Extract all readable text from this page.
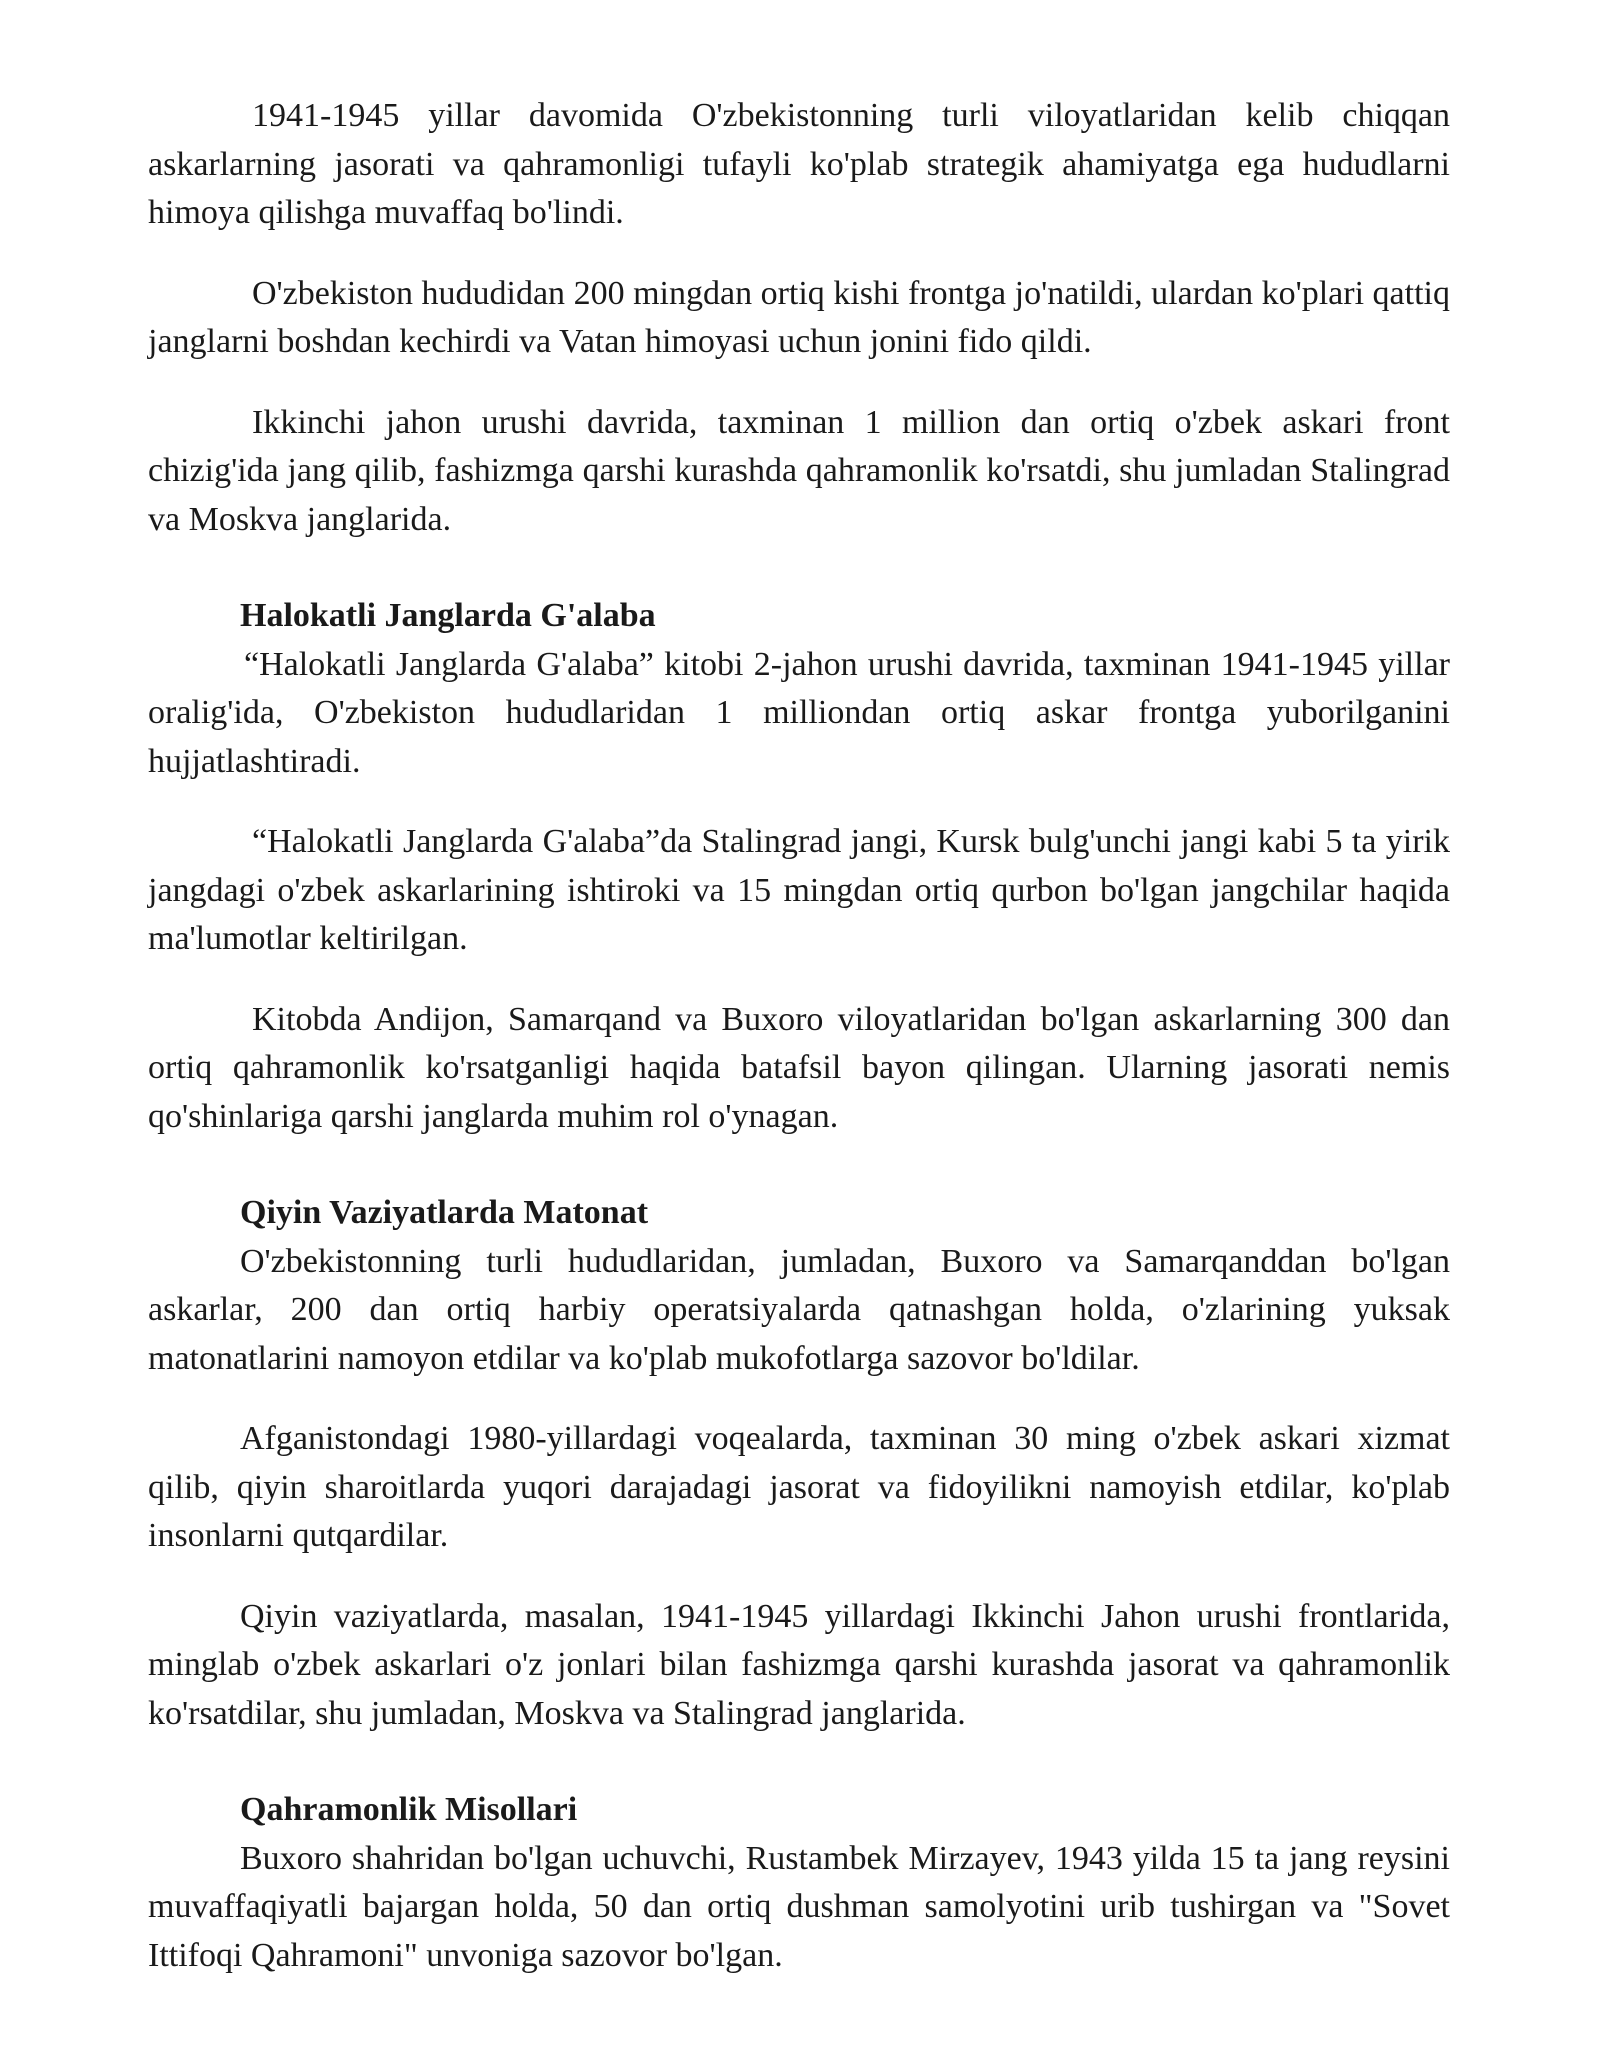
1941-1945 yillar davomida O'zbekistonning turli viloyatlaridan kelib chiqqan askarlarning jasorati va qahramonligi tufayli ko'plab strategik ahamiyatga ega hududlarni himoya qilishga muvaffaq bo'lindi.

O'zbekiston hududidan 200 mingdan ortiq kishi frontga jo'natildi, ulardan ko'plari qattiq janglarni boshdan kechirdi va Vatan himoyasi uchun jonini fido qildi.

Ikkinchi jahon urushi davrida, taxminan 1 million dan ortiq o'zbek askari front chizig'ida jang qilib, fashizmga qarshi kurashda qahramonlik ko'rsatdi, shu jumladan Stalingrad va Moskva janglarida.

Halokatli Janglarda G'alaba

“Halokatli Janglarda G'alaba” kitobi 2-jahon urushi davrida, taxminan 1941-1945 yillar oralig'ida, O'zbekiston hududlaridan 1 milliondan ortiq askar frontga yuborilganini hujjatlashtiradi.

“Halokatli Janglarda G'alaba”da Stalingrad jangi, Kursk bulg'unchi jangi kabi 5 ta yirik jangdagi o'zbek askarlarining ishtiroki va 15 mingdan ortiq qurbon bo'lgan jangchilar haqida ma'lumotlar keltirilgan.

Kitobda Andijon, Samarqand va Buxoro viloyatlaridan bo'lgan askarlarning 300 dan ortiq qahramonlik ko'rsatganligi haqida batafsil bayon qilingan. Ularning jasorati nemis qo'shinlariga qarshi janglarda muhim rol o'ynagan.

Qiyin Vaziyatlarda Matonat

O'zbekistonning turli hududlaridan, jumladan, Buxoro va Samarqanddan bo'lgan askarlar, 200 dan ortiq harbiy operatsiyalarda qatnashgan holda, o'zlarining yuksak matonatlarini namoyon etdilar va ko'plab mukofotlarga sazovor bo'ldilar.

Afganistondagi 1980-yillardagi voqealarda, taxminan 30 ming o'zbek askari xizmat qilib, qiyin sharoitlarda yuqori darajadagi jasorat va fidoyilikni namoyish etdilar, ko'plab insonlarni qutqardilar.

Qiyin vaziyatlarda, masalan, 1941-1945 yillardagi Ikkinchi Jahon urushi frontlarida, minglab o'zbek askarlari o'z jonlari bilan fashizmga qarshi kurashda jasorat va qahramonlik ko'rsatdilar, shu jumladan, Moskva va Stalingrad janglarida.

Qahramonlik Misollari

Buxoro shahridan bo'lgan uchuvchi, Rustambek Mirzayev, 1943 yilda 15 ta jang reysini muvaffaqiyatli bajargan holda, 50 dan ortiq dushman samolyotini urib tushirgan va "Sovet Ittifoqi Qahramoni" unvoniga sazovor bo'lgan.
